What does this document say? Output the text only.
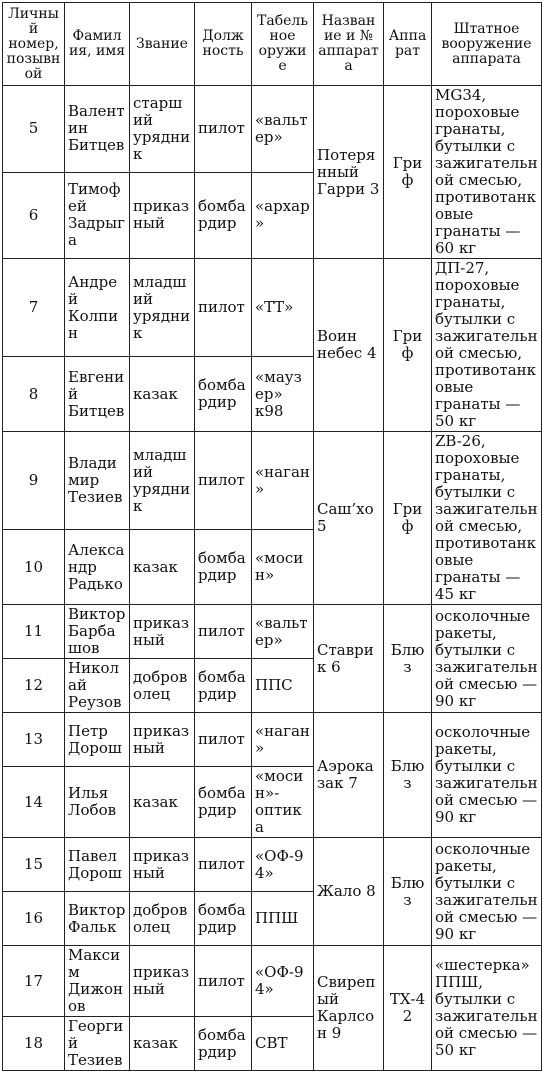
Личный номер, позывной	Фамилия, имя	Звание	Должность	Табельное оружие	Название и № аппарата	Аппарат	Штатное вооружение аппарата
5	Валентин Битцев	старший урядник	пилот	«вальтер»	Потерянный Гарри 3	Гриф	MG34, пороховые гранаты, бутылки с зажигательной смесью, противотанковые гранаты — 60 кг
6	Тимофей Задрыга	приказный	бомбардир	«архар»			
7	Андрей Колпин	младший урядник	пилот	«ТТ»	Воин небес 4	Гриф	ДП-27, пороховые гранаты, бутылки с зажигательной смесью, противотанковые гранаты — 50 кг
8	Евгений Битцев	казак	бомбардир	«маузер» к98			
9	Владимир Тезиев	младший урядник	пилот	«наган»	Саш’хо 5	Гриф	ZB-26, пороховые гранаты, бутылки с зажигательной смесью, противотанковые гранаты — 45 кг
10	Александр Радько	казак	бомбардир	«мосин»			
11	Виктор Барбашов	приказный	пилот	«вальтер»	Ставрик 6	Блюз	осколочные ракеты, бутылки с зажигательной смесью — 90 кг
12	Николай Реузов	доброволец	бомбардир	ППС			
13	Петр Дорош	приказный	пилот	«наган»	Аэроказак 7	Блюз	осколочные ракеты, бутылки с зажигательной смесью — 90 кг
14	Илья Лобов	казак	бомбардир	«мосин»-оптика			
15	Павел Дорош	приказный	пилот	«ОФ-94»	Жало 8	Блюз	осколочные ракеты, бутылки с зажигательной смесью — 90 кг
16	Виктор Фальк	доброволец	бомбардир	ППШ			
17	Максим Дижонов	приказный	пилот	«ОФ-94»	Свирепый Карлсон 9	ТХ-42	«шестерка» ППШ, бутылки с зажигательной смесью — 50 кг
18	Георгий Тезиев	казак	бомбардир	СВТ			
